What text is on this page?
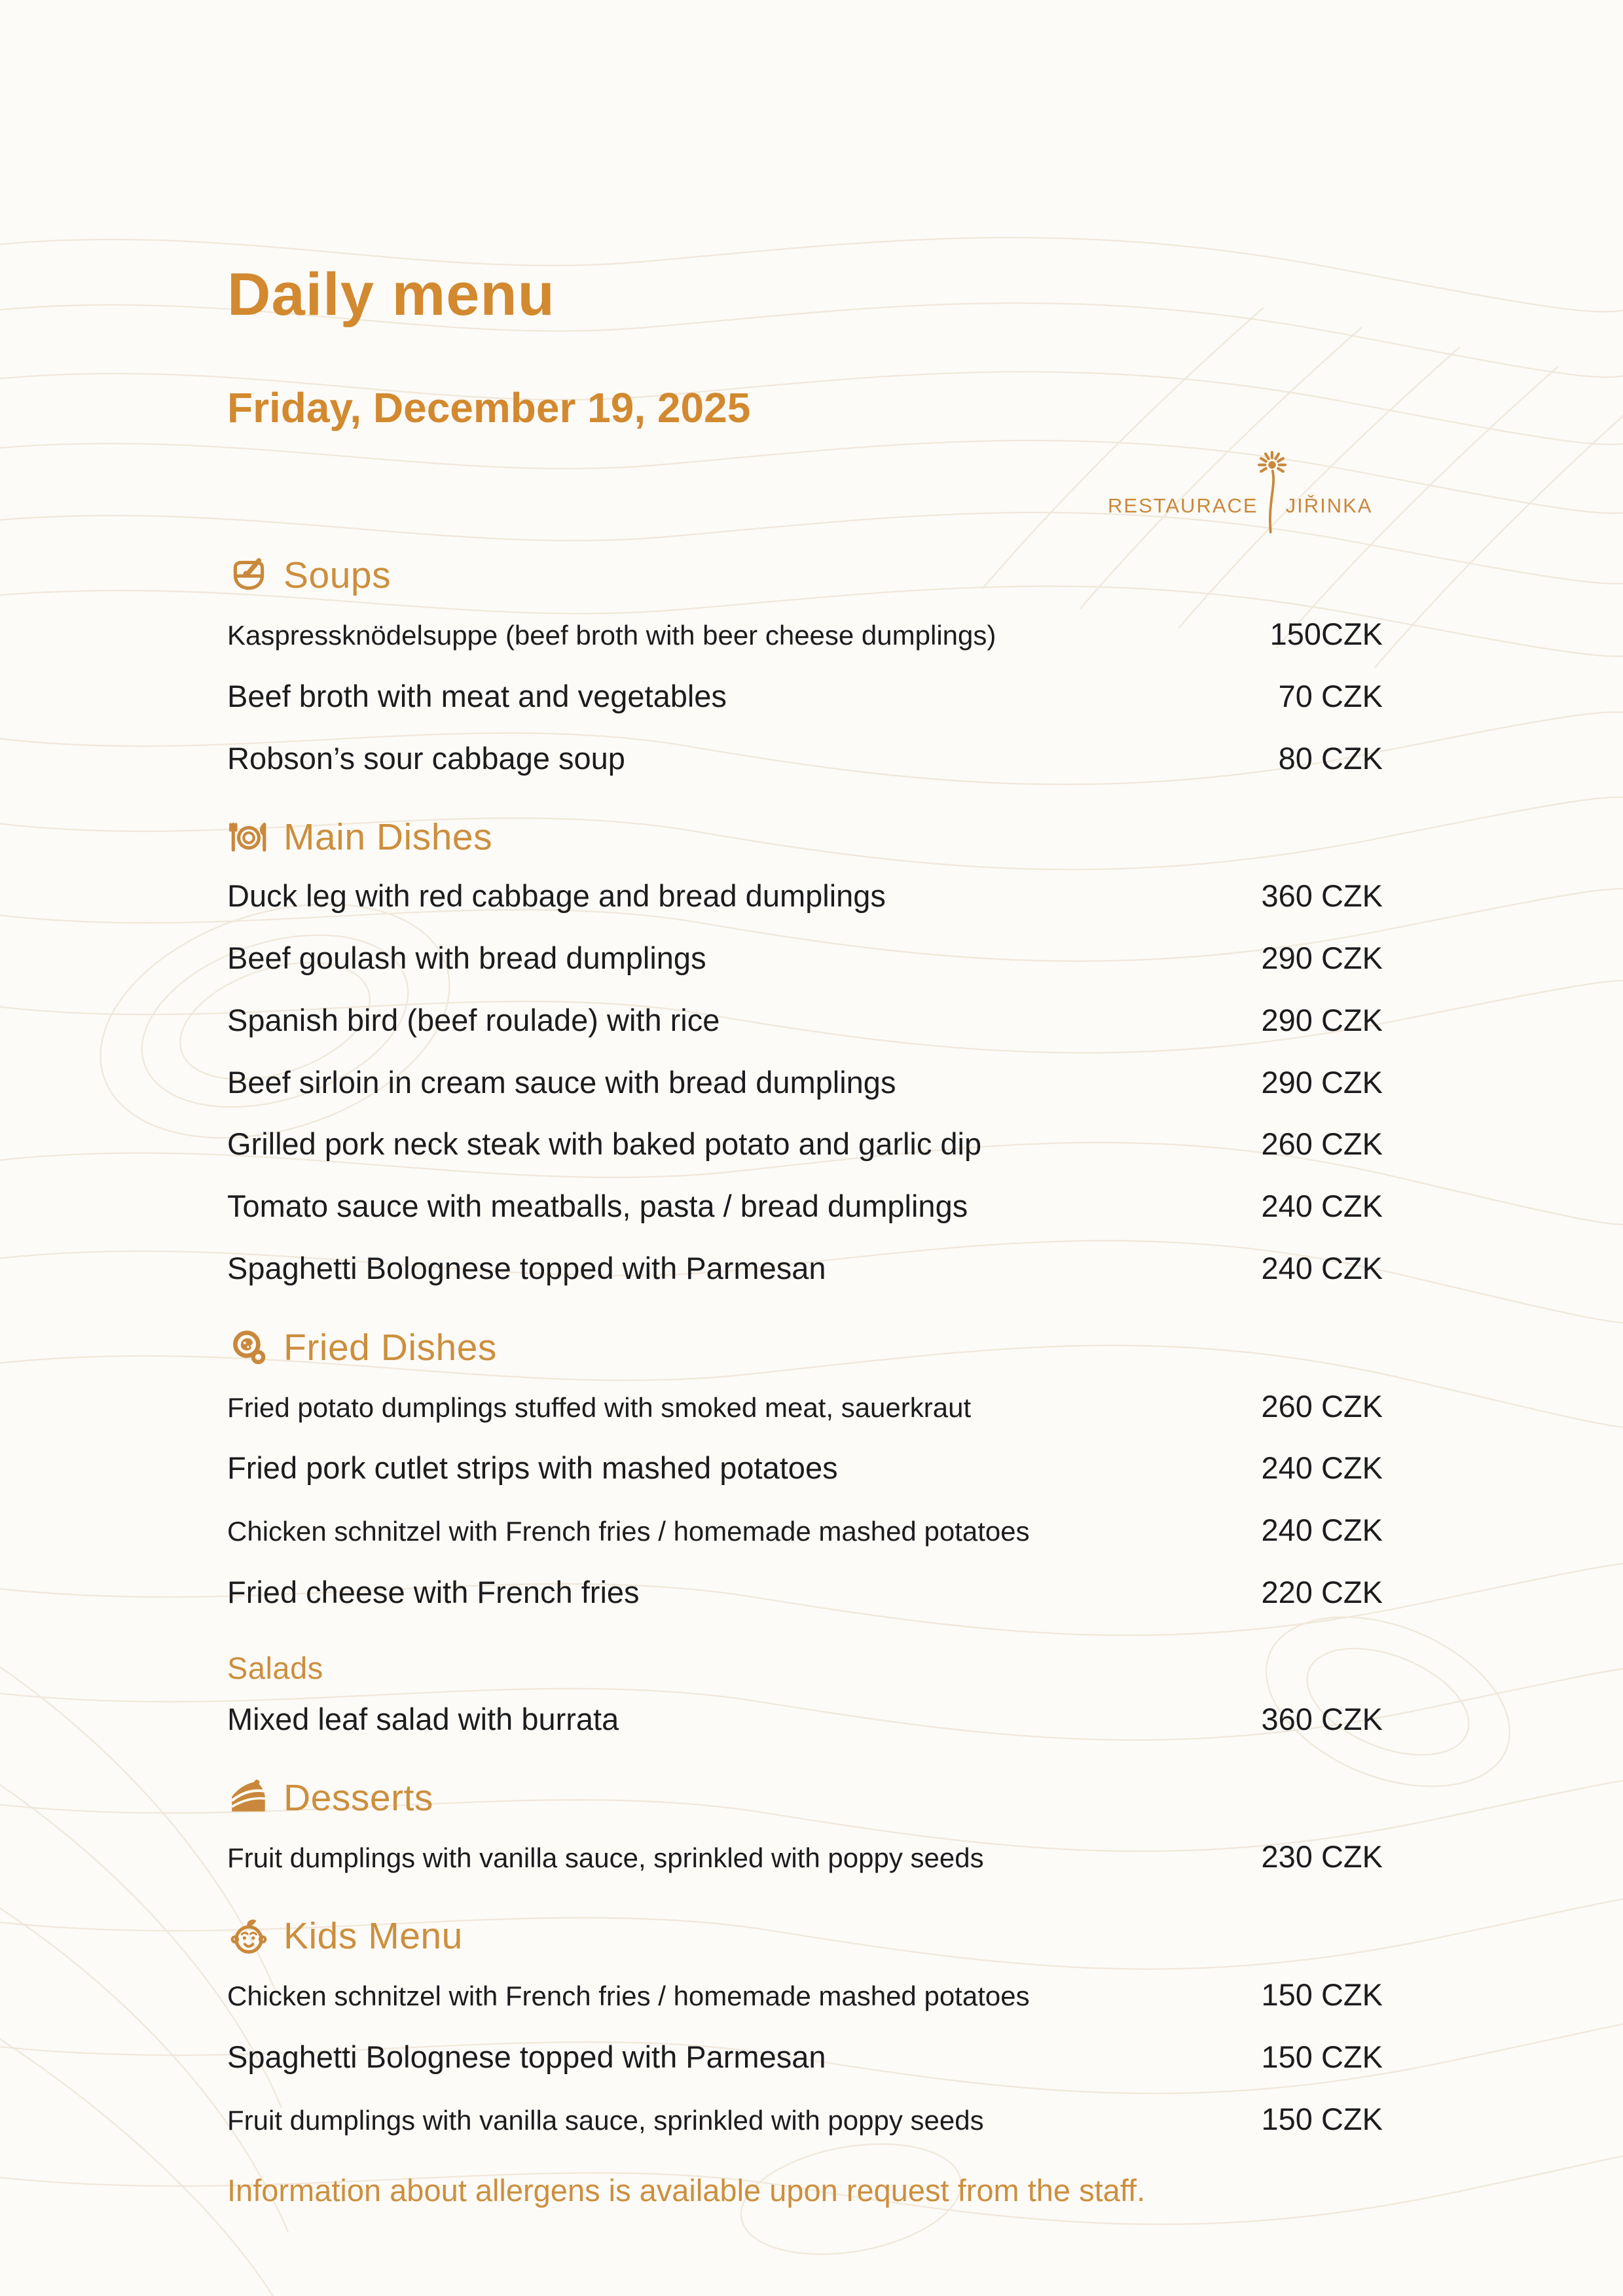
Daily menu
Friday, December 19, 2025
RESTAURACE JIŘINKA
Soups
Kaspressknödelsuppe (beef broth with beer cheese dumplings)	150CZK
Beef broth with meat and vegetables	70 CZK
Robson’s sour cabbage soup	80 CZK
Main Dishes
Duck leg with red cabbage and bread dumplings	360 CZK
Beef goulash with bread dumplings	290 CZK
Spanish bird (beef roulade) with rice	290 CZK
Beef sirloin in cream sauce with bread dumplings	290 CZK
Grilled pork neck steak with baked potato and garlic dip	260 CZK
Tomato sauce with meatballs, pasta / bread dumplings	240 CZK
Spaghetti Bolognese topped with Parmesan	240 CZK
Fried Dishes
Fried potato dumplings stuffed with smoked meat, sauerkraut	260 CZK
Fried pork cutlet strips with mashed potatoes	240 CZK
Chicken schnitzel with French fries / homemade mashed potatoes	240 CZK
Fried cheese with French fries	220 CZK
Salads
Mixed leaf salad with burrata	360 CZK
Desserts
Fruit dumplings with vanilla sauce, sprinkled with poppy seeds	230 CZK
Kids Menu
Chicken schnitzel with French fries / homemade mashed potatoes	150 CZK
Spaghetti Bolognese topped with Parmesan	150 CZK
Fruit dumplings with vanilla sauce, sprinkled with poppy seeds	150 CZK
Information about allergens is available upon request from the staff.
